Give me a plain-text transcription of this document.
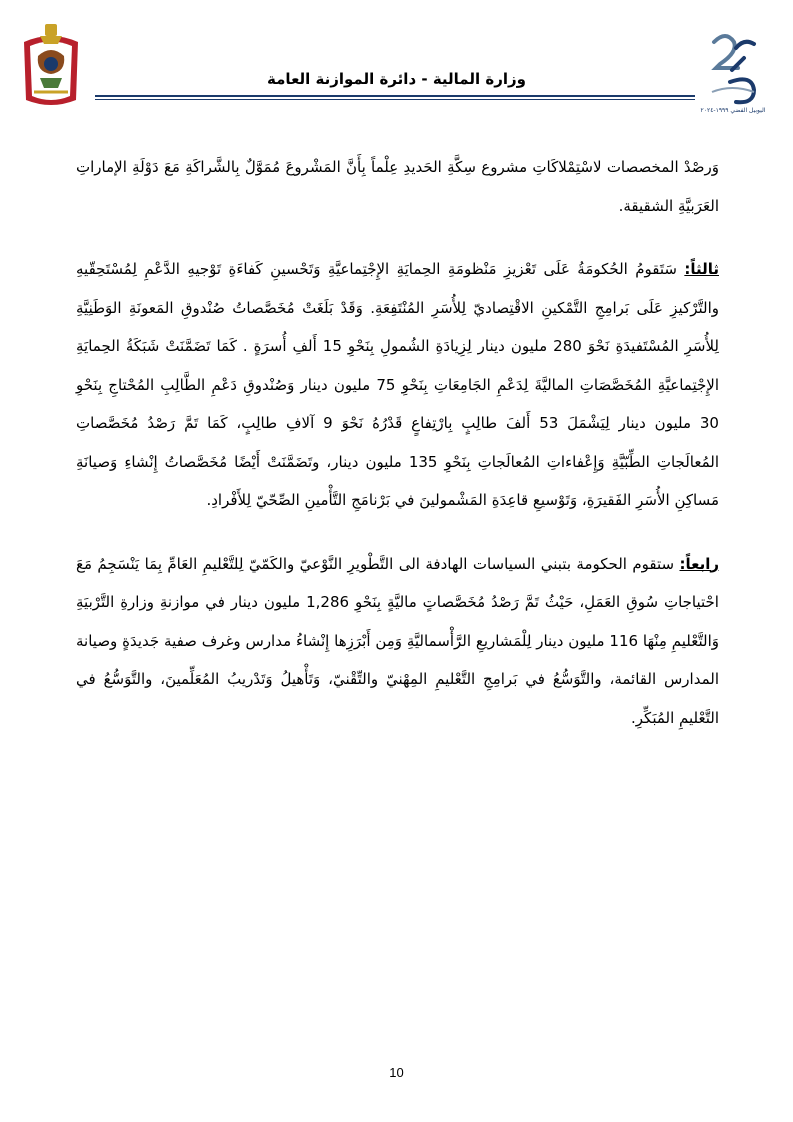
وزارة المالية - دائرة الموازنة العامة
اليوبيل الفضي ١٩٩٩-٢٠٢٤

وَرصْدْ المخصصات لاسْتِمْلاكَاتِ مشروع سِكَّةِ الحَديدِ عِلْماً بِأَنَّ المَشْروعَ مُمَوَّلٌ بِالشَّراكَةِ مَعَ دَوْلَةِ الإماراتِ العَرَبيَّةِ الشقيقة.

ثالثاً: سَتَقومُ الحُكومَةُ عَلَى تَعْزيزِ مَنْظومَةِ الحِمايَةِ الإِجْتِماعيَّةِ وَتَحْسينِ كَفاءَةِ تَوْجيهِ الدَّعْمِ لِمُسْتَحِقّيهِ والتَّرْكيزِ عَلَى بَرامِجِ التَّمْكينِ الاقْتِصاديّ لِلأُسَرِ المُنْتَفِعَةِ. وَقَدْ بَلَغَتْ مُخَصَّصاتُ صُنْدوقِ المَعونَةِ الوَطَنِيَّةِ لِلأُسَرِ المُسْتَفيدَةِ نَحْوَ 280 مليون دينار لِزِيادَةِ الشُمولِ بِنَحْوِ 15 أَلفِ أُسرَةٍ . كَمَا تَضَمَّنَتْ شَبَكَةُ الحِمايَةِ الإِجْتِماعيَّةِ المُخَصَّصَاتِ الماليَّةَ لِدَعْمِ الجَامِعَاتِ بِنَحْوِ 75 مليون دينار وَصُنْدوقِ دَعْمِ الطَّالِبِ المُحْتاجِ بِنَحْوِ 30 مليون دينار لِيَشْمَلَ 53 أَلفَ طالِبٍ بِارْتِفاعٍ قَدْرُهُ نَحْوَ 9 آلافِ طالِبٍ، كَمَا تَمَّ رَصْدُ مُخَصَّصاتِ المُعالَجاتِ الطِّبّيَّةِ وَإِعْفاءاتِ المُعالَجاتِ بِنَحْوِ 135 مليون دينار، وتَضَمَّنَتْ أَيْضًا مُخَصَّصاتُ إِنْشاءِ وَصيانَةِ مَساكِنِ الأُسَرِ الفَقيرَةِ، وَتَوْسيعِ قاعِدَةِ المَشْمولينَ في بَرْنامَجِ التَّأْمينِ الصِّحّيّ لِلأَفْرادِ.

رابعاً: ستقوم الحكومة بتبني السياسات الهادفة الى التَّطْويرِ النَّوْعيّ والكَمّيّ لِلتَّعْليمِ العَامِّ بِمَا يَنْسَجِمُ مَعَ احْتياجاتِ سُوقِ العَمَلِ، حَيْثُ تَمَّ رَصْدُ مُخَصَّصاتٍ ماليَّةٍ بِنَحْوِ 1,286 مليون دينار في موازنةِ وزارةِ التَّرْبيَةِ وَالتَّعْليمِ مِنْهَا 116 مليون دينار لِلْمَشاريعِ الرَّأْسماليَّةِ وَمِن أَبْرَزِها إِنْشاءُ مدارس وغرف صفية جَديدَةٍ وصيانة المدارس القائمة، والتَّوَسُّعُ في بَرامِجِ التَّعْليمِ المِهْنيّ والتِّقْنيّ، وَتَأْهيلُ وَتَدْريبُ المُعَلِّمينَ، والتَّوَسُّعُ في التَّعْليمِ المُبَكِّرِ.

10
